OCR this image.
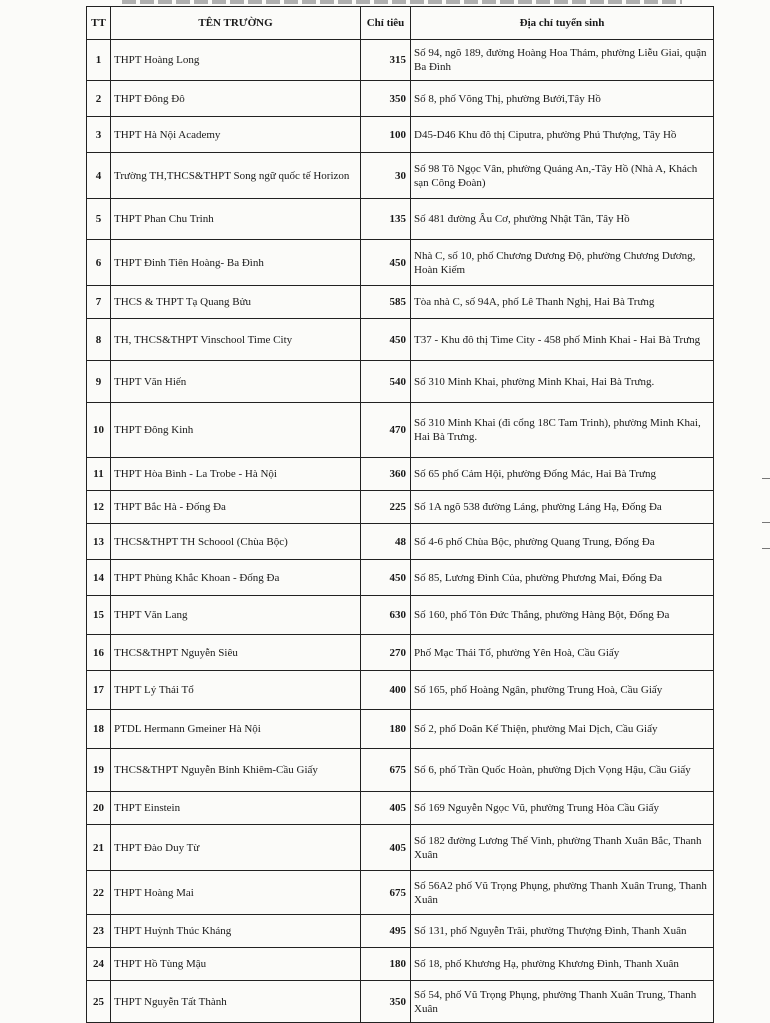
TT	TÊN TRƯỜNG	Chỉ tiêu	Địa chỉ tuyển sinh
1	THPT Hoàng Long	315	Số 94, ngõ 189, đường Hoàng Hoa Thám, phường Liễu Giai, quận Ba Đình
2	THPT Đông Đô	350	Số 8, phố Võng Thị, phường Bưởi,Tây Hồ
3	THPT Hà Nội Academy	100	D45-D46 Khu đô thị Ciputra, phường Phú Thượng, Tây Hồ
4	Trường TH,THCS&THPT Song ngữ quốc tế Horizon	30	Số 98 Tô Ngọc Vân, phường Quảng An,-Tây Hồ (Nhà A, Khách sạn Công Đoàn)
5	THPT Phan Chu Trinh	135	Số 481 đường Âu Cơ, phường Nhật Tân, Tây Hồ
6	THPT Đinh Tiên Hoàng- Ba Đình	450	Nhà C, số 10, phố Chương Dương Độ, phường Chương Dương, Hoàn Kiếm
7	THCS & THPT Tạ Quang Bửu	585	Tòa nhà C, số 94A, phố Lê Thanh Nghị, Hai Bà Trưng
8	TH, THCS&THPT Vinschool Time City	450	T37 - Khu đô thị Time City - 458 phố Minh Khai - Hai Bà Trưng
9	THPT Văn Hiến	540	Số 310 Minh Khai, phường Minh Khai, Hai Bà Trưng.
10	THPT Đông Kinh	470	Số 310 Minh Khai (đi cổng 18C Tam Trinh), phường Minh Khai, Hai Bà Trưng.
11	THPT Hòa Bình - La Trobe - Hà Nội	360	Số 65 phố Cảm Hội, phường Đống Mác, Hai Bà Trưng
12	THPT Bắc Hà - Đống Đa	225	Số 1A ngõ 538 đường Láng, phường Láng Hạ, Đống Đa
13	THCS&THPT TH Schoool (Chùa Bộc)	48	Số 4-6 phố Chùa Bộc, phường Quang Trung, Đống Đa
14	THPT Phùng Khắc Khoan - Đống Đa	450	Số 85, Lương Đình Của, phường Phương Mai, Đống Đa
15	THPT Văn Lang	630	Số 160, phố Tôn Đức Thắng, phường Hàng Bột, Đống Đa
16	THCS&THPT Nguyễn Siêu	270	Phố Mạc Thái Tổ, phường Yên Hoà, Cầu Giấy
17	THPT Lý Thái Tổ	400	Số 165, phố Hoàng Ngân, phường Trung Hoà, Cầu Giấy
18	PTDL Hermann Gmeiner Hà Nội	180	Số 2, phố Doãn Kế Thiện, phường Mai Dịch, Cầu Giấy
19	THCS&THPT Nguyễn Bỉnh Khiêm-Cầu Giấy	675	Số 6, phố Trần Quốc Hoàn, phường Dịch Vọng Hậu, Cầu Giấy
20	THPT Einstein	405	Số 169 Nguyễn Ngọc Vũ, phường Trung Hòa Cầu Giấy
21	THPT Đào Duy Từ	405	Số 182 đường Lương Thế Vinh, phường Thanh Xuân Bắc, Thanh Xuân
22	THPT Hoàng Mai	675	Số 56A2 phố Vũ Trọng Phụng, phường Thanh Xuân Trung, Thanh Xuân
23	THPT Huỳnh Thúc Kháng	495	Số 131, phố Nguyễn Trãi, phường Thượng Đình, Thanh Xuân
24	THPT Hồ Tùng Mậu	180	Số 18, phố Khương Hạ, phường Khương Đình, Thanh Xuân
25	THPT Nguyễn Tất Thành	350	Số 54, phố Vũ Trọng Phụng, phường Thanh Xuân Trung, Thanh Xuân
